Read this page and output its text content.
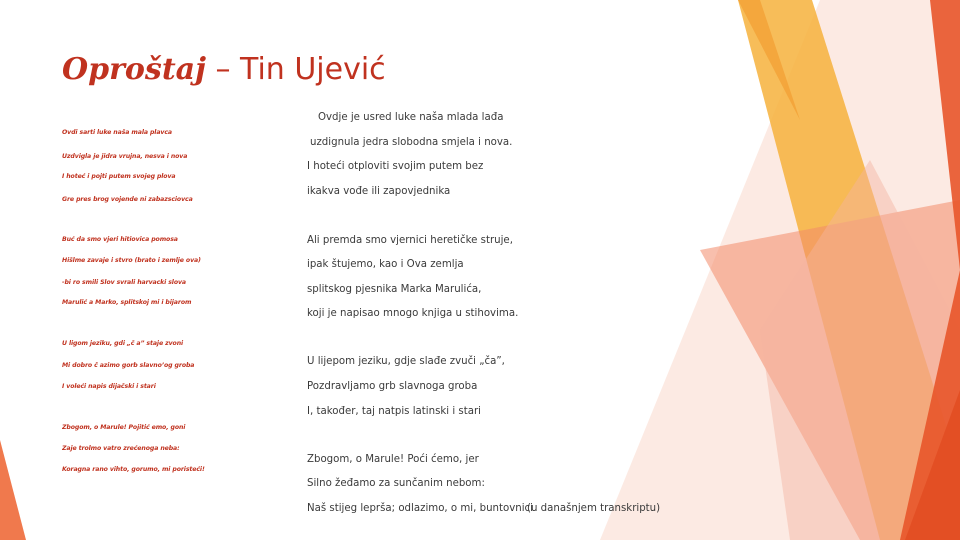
Oproštaj – Tin Ujević

Ovdi sarti luke naša mala plavca

Uzdvigla je jidra vrujna, nesva i nova

I hoteć i pojti putem svojeg plova

Gre pres brog vojende ni zabazsciovca

Buć da smo vjeri hitiovica pomosa

Hišlme zavaje i stvro (brato i zemlje ova)

-bi ro smili Slov svrali harvacki slova

Marulić a Marko, splitskoj mi i bijarom

U ligom jeziku, gdi „č a” staje zvoni

Mi dobro č azimo gorb slavno’og groba

I voleći napis dijačski i stari

Zbogom, o Marule! Pojitić emo, goni

Žaje trolmo vatro zrećenoga neba:

Koragna rano vihto, gorumo, mi poristeći!

Ovdje je usred luke naša mlada lađa

uzdignula jedra slobodna smjela i nova.

I hoteći otploviti svojim putem bez

ikakva vođe ili zapovjednika

Ali premda smo vjernici heretičke struje,

ipak štujemo, kao i Ova zemlja

splitskog pjesnika Marka Marulića,

koji je napisao mnogo knjiga u stihovima.

U lijepom jeziku, gdje slađe zvuči „ča”,

Pozdravljamo grb slavnoga groba

I, također, taj natpis latinski i stari

Zbogom, o Marule! Poći ćemo, jer

Silno žeđamo za sunčanim nebom:

Naš stijeg leprša; odlazimo, o mi, buntovnici

(u današnjem transkriptu)
